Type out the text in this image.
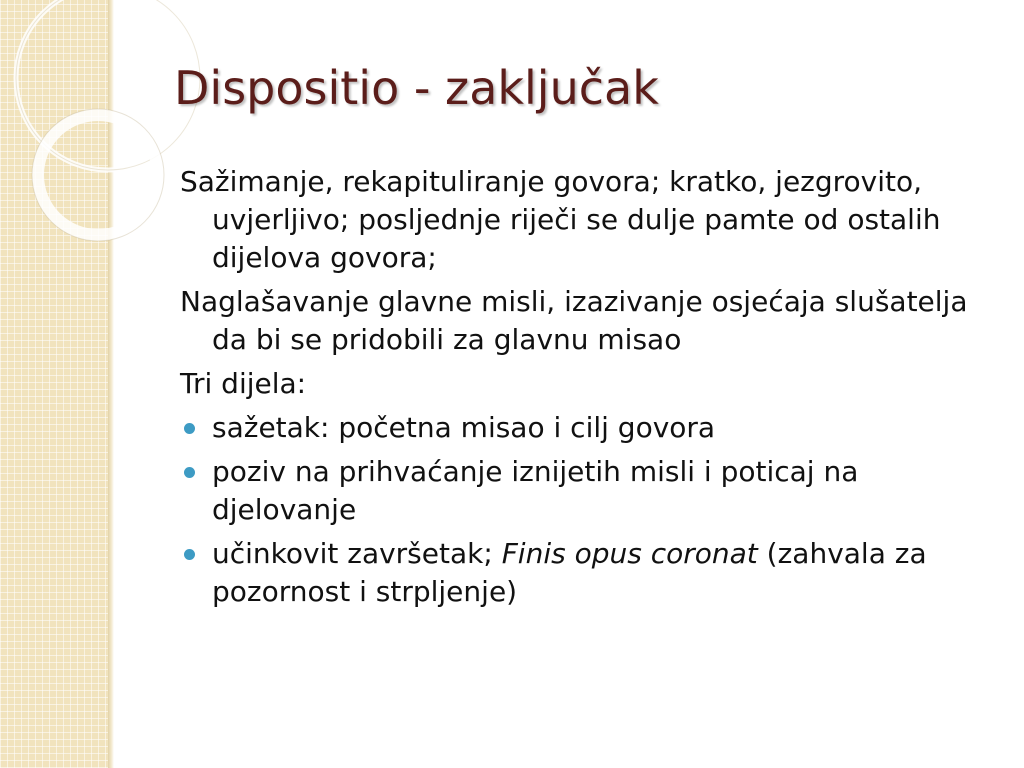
Dispositio - zaključak
Sažimanje, rekapituliranje govora; kratko, jezgrovito, uvjerljivo; posljednje riječi se dulje pamte od ostalih dijelova govora;
Naglašavanje glavne misli, izazivanje osjećaja slušatelja da bi se pridobili za glavnu misao
Tri dijela:
sažetak: početna misao i cilj govora
poziv na prihvaćanje iznijetih misli i poticaj na djelovanje
učinkovit završetak; Finis opus coronat (zahvala za pozornost i strpljenje)
